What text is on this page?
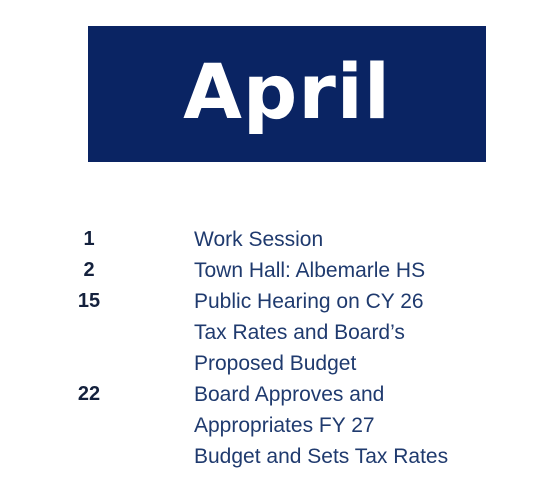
April
1	Work Session
2	Town Hall: Albemarle HS
15	Public Hearing on CY 26
Tax Rates and Board’s
Proposed Budget
22	Board Approves and
Appropriates FY 27
Budget and Sets Tax Rates
